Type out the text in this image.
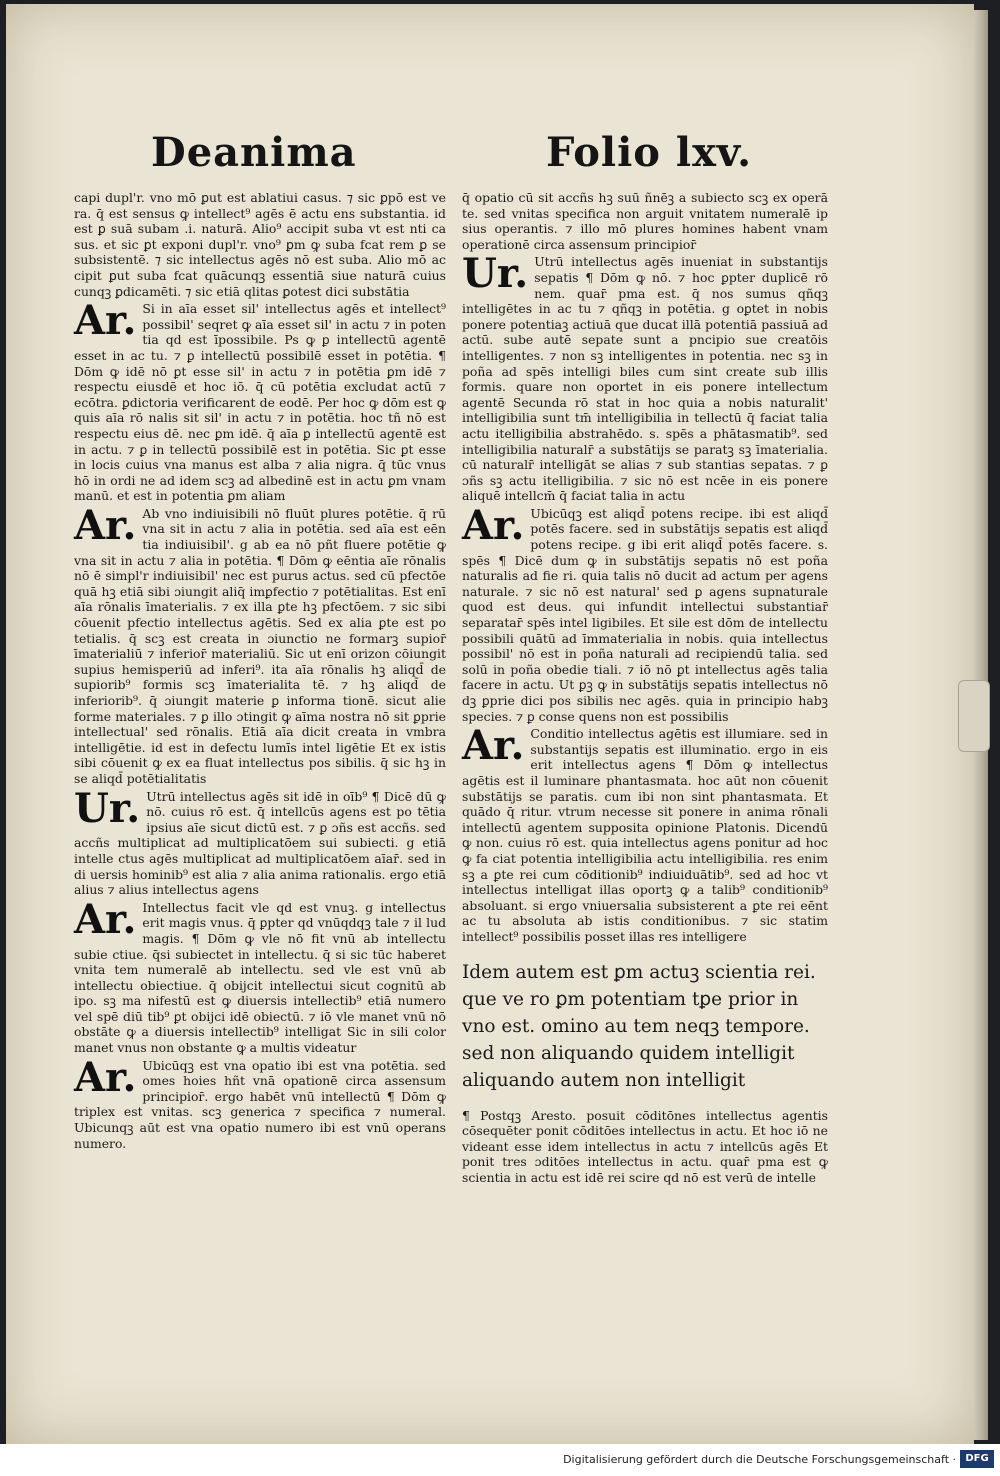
Deanima	Folio lxv.
capi dupl'r. vno mō ꝑut est ablatiui casus. ⁊ sic ꝑpō est ve ra. q̄ est sensus ꝙ intellect⁹ agēs ē actu ens substantia. id est ꝑ suā subam .i. naturā. Alio⁹ accipit suba vt est nti ca sus. et sic ꝑt exponi dupl'r. vno⁹ ꝑm ꝙ suba fcat rem ꝑ se subsistentē. ⁊ sic intellectus agēs nō est suba. Alio mō ac cipit ꝑut suba fcat quācunqꝫ essentiā siue naturā cuius cunqꝫ ꝑdicamēti. ⁊ sic etiā qlitas ꝑotest dici substātia
Ar. Si in aīa esset sil' intellectus agēs et intellect⁹ possibil' seqret ꝙ aīa esset sil' in actu ⁊ in poten tia qd est īpossibile. Ps ꝙ ꝑ intellectū agentē esset in ac tu. ⁊ ꝑ intellectū possibilē esset in potētia. ¶ Dōm ꝙ idē nō ꝑt esse sil' in actu ⁊ in potētia ꝑm idē ⁊ respectu eiusdē et hoc iō. q̄ cū potētia excludat actū ⁊ ecōtra. ꝑdictoria verificarent de eodē. Per hoc ꝙ dōm est ꝙ quis aīa rō nalis sit sil' in actu ⁊ in potētia. hoc tñ nō est respectu eius dē. nec ꝑm idē. q̄ aīa ꝑ intellectū agentē est in actu. ⁊ ꝑ in tellectū possibilē est in potētia. Sic ꝑt esse in locis cuius vna manus est alba ⁊ alia nigra. q̄ tūc vnus hō in ordi ne ad idem scꝫ ad albedinē est in actu ꝑm vnam manū. et est in potentia ꝑm aliam
Ar. Ab vno indiuisibili nō fluūt plures potētie. q̄ rū vna sit in actu ⁊ alia in potētia. sed aīa est eēn tia indiuisibil'. g ab ea nō pñt fluere potētie ꝙ vna sit in actu ⁊ alia in potētia. ¶ Dōm ꝙ eēntia aīe rōnalis nō ē simpl'r indiuisibil' nec est purus actus. sed cū pfectōe quā hꝫ etiā sibi ɔiungit aliq̄ imꝑfectio ⁊ potētialitas. Est enī aīa rōnalis īmaterialis. ⁊ ex illa ꝑte hꝫ pfectōem. ⁊ sic sibi cōuenit pfectio intellectus agētis. Sed ex alia ꝑte est po tetialis. q̄ scꝫ est creata in ɔiunctio ne formarꝫ supior̄ īmaterialiū ⁊ inferior̄ materialiū. Sic ut enī orizon cōiungit supius hemisperiū ad inferi⁹. ita aīa rōnalis hꝫ aliqd̄ de supiorib⁹ formis scꝫ īmaterialita tē. ⁊ hꝫ aliqd̄ de inferiorib⁹. q̄ ɔiungit materie ꝑ informa tionē. sicut alie forme materiales. ⁊ ꝑ illo ɔtingit ꝙ aīma nostra nō sit ꝑprie intellectual' sed rōnalis. Etiā aīa dicit creata in vmbra intelligētie. id est in defectu lumīs intel ligētie Et ex istis sibi cōuenit ꝙ ex ea fluat intellectus pos sibilis. q̄ sic hꝫ in se aliqd̄ potētialitatis
Ur. Utrū intellectus agēs sit idē in oīb⁹ ¶ Dicē dū ꝙ nō. cuius rō est. q̄ intellcūs agens est po tētia ipsius aīe sicut dictū est. ⁊ ꝑ ɔñs est accñs. sed accñs multiplicat ad multiplicatōem sui subiecti. g etiā intelle ctus agēs multiplicat ad multiplicatōem aīar̄. sed in di uersis hominib⁹ est alia ⁊ alia anima rationalis. ergo etiā alius ⁊ alius intellectus agens
Ar. Intellectus facit vle qd est vnuꝫ. g intellectus erit magis vnus. q̄ ꝑpter qd vnūqdqꝫ tale ⁊ il lud magis. ¶ Dōm ꝙ vle nō fit vnū ab intellectu subie ctiue. q̄si subiectet in intellectu. q̄ si sic tūc haberet vnita tem numeralē ab intellectu. sed vle est vnū ab intellectu obiectiue. q̄ obijcit intellectui sicut cognitū ab ipo. sꝫ ma nifestū est ꝙ diuersis intellectib⁹ etiā numero vel spē diū tib⁹ ꝑt obijci idē obiectū. ⁊ iō vle manet vnū nō obstāte ꝙ a diuersis intellectib⁹ intelligat Sic in sili color manet vnus non obstante ꝙ a multis videatur
Ar. Ubicūqꝫ est vna opatio ibi est vna potētia. sed omes hoies hñt vnā opationē circa assensum principior̄. ergo habēt vnū intellectū ¶ Dōm ꝙ triplex est vnitas. scꝫ generica ⁊ specifica ⁊ numeral. Ubicunqꝫ aūt est vna opatio numero ibi est vnū operans numero.
q̄ opatio cū sit accñs hꝫ suū ñnēꝫ a subiecto scꝫ ex operā te. sed vnitas specifica non arguit vnitatem numeralē ip sius operantis. ⁊ illo mō plures homines habent vnam operationē circa assensum principior̄
Ur. Utrū intellectus agēs inueniat in substantijs sepatis ¶ Dōm ꝙ nō. ⁊ hoc ꝑpter duplicē rō nem. quar̄ pma est. q̄ nos sumus qñqꝫ intelligētes in ac tu ⁊ qñqꝫ in potētia. g oꝑtet in nobis ponere potentiaꝫ actiuā que ducat illā potentiā passiuā ad actū. sube autē sepate sunt a pncipio sue creatōis intelligentes. ⁊ non sꝫ intelligentes in potentia. nec sꝫ in poña ad spēs intelligi biles cum sint create sub illis formis. quare non oportet in eis ponere intellectum agentē Secunda rō stat in hoc quia a nobis naturalit' intelligibilia sunt tm̄ intelligibilia in tellectū q̄ faciat talia actu itelligibilia abstrahēdo. s. spēs a phātasmatib⁹. sed intelligibilia naturalr̄ a substātijs se paratꝫ sꝫ īmaterialia. cū naturalr̄ intelligāt se alias ⁊ sub stantias sepatas. ⁊ ꝑ ɔñs sꝫ actu itelligibilia. ⁊ sic nō est ncēe in eis ponere aliquē intellcm̄ q̄ faciat talia in actu
Ar. Ubicūqꝫ est aliqd̄ potens recipe. ibi est aliqd̄ potēs facere. sed in substātijs sepatis est aliqd̄ potens recipe. g ibi erit aliqd̄ potēs facere. s. spēs ¶ Dicē dum ꝙ in substātijs sepatis nō est poña naturalis ad fie ri. quia talis nō ducit ad actum per agens naturale. ⁊ sic nō est natural' sed ꝑ agens supnaturale quod est deus. qui infundit intellectui substantiar̄ separatar̄ spēs intel ligibiles. Et sile est dōm de intellectu possibili quātū ad īmmaterialia in nobis. quia intellectus possibil' nō est in poña naturali ad recipiendū talia. sed solū in poña obedie tiali. ⁊ iō nō ꝑt intellectus agēs talia facere in actu. Ut ꝑꝫ ꝙ in substātijs sepatis intellectus nō dꝫ ꝑprie dici pos sibilis nec agēs. quia in principio habꝫ species. ⁊ ꝑ conse quens non est possibilis
Ar. Conditio intellectus agētis est illumiare. sed in substantijs sepatis est illuminatio. ergo in eis erit intellectus agens ¶ Dōm ꝙ intellectus agētis est il luminare phantasmata. hoc aūt non cōuenit substātijs se paratis. cum ibi non sint phantasmata. Et quādo q̄ ritur. vtrum necesse sit ponere in anima rōnali intellectū agentem supposita opinione Platonis. Dicendū ꝙ non. cuius rō est. quia intellectus agens ponitur ad hoc ꝙ fa ciat potentia intelligibilia actu intelligibilia. res enim sꝫ a ꝑte rei cum cōditionib⁹ indiuiduātib⁹. sed ad hoc vt intellectus intelligat illas oportꝫ ꝙ a talib⁹ conditionib⁹ absoluant. si ergo vniuersalia subsisterent a ꝑte rei eēnt ac tu absoluta ab istis conditionibus. ⁊ sic statim intellect⁹ possibilis posset illas res intelligere
Idem autem est ꝑm actuꝫ scientia rei. que ve ro ꝑm potentiam tꝑe prior in vno est. omino au tem neqꝫ tempore. sed non aliquando quidem intelligit aliquando autem non intelligit
¶ Postqꝫ Aresto. posuit cōditōnes intellectus agentis cōsequēter ponit cōditōes intellectus in actu. Et hoc iō ne videant esse idem intellectus in actu ⁊ intellcūs agēs Et ponit tres ɔditōes intellectus in actu. quar̄ pma est ꝙ scientia in actu est idē rei scire qd nō est verū de intelle
Digitalisierung gefördert durch die Deutsche Forschungsgemeinschaft · DFG
